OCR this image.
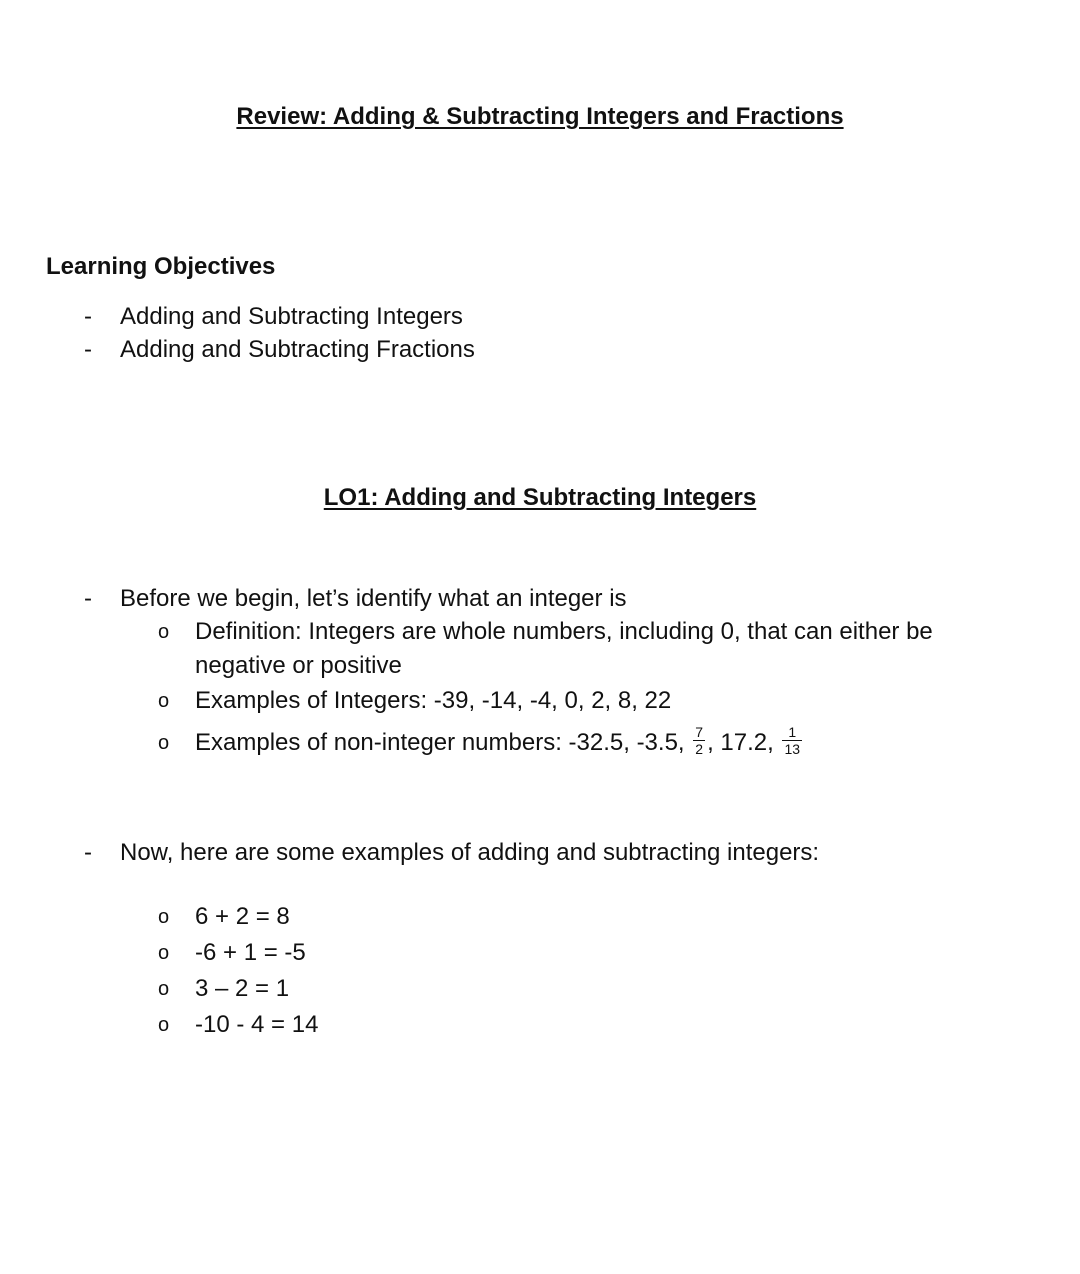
Review: Adding & Subtracting Integers and Fractions
Learning Objectives
- Adding and Subtracting Integers
- Adding and Subtracting Fractions
LO1: Adding and Subtracting Integers
- Before we begin, let’s identify what an integer is
o	Definition: Integers are whole numbers, including 0, that can either be negative or positive
o	Examples of Integers: -39, -14, -4, 0, 2, 8, 22
o	Examples of non-integer numbers: -32.5, -3.5, $\frac{7}{2}$ , 17.2, $\frac{1}{13}$
- Now, here are some examples of adding and subtracting integers:
o	6 + 2 = 8
o	-6 + 1 = -5
o	3 – 2 = 1
o	-10 - 4 = 14
